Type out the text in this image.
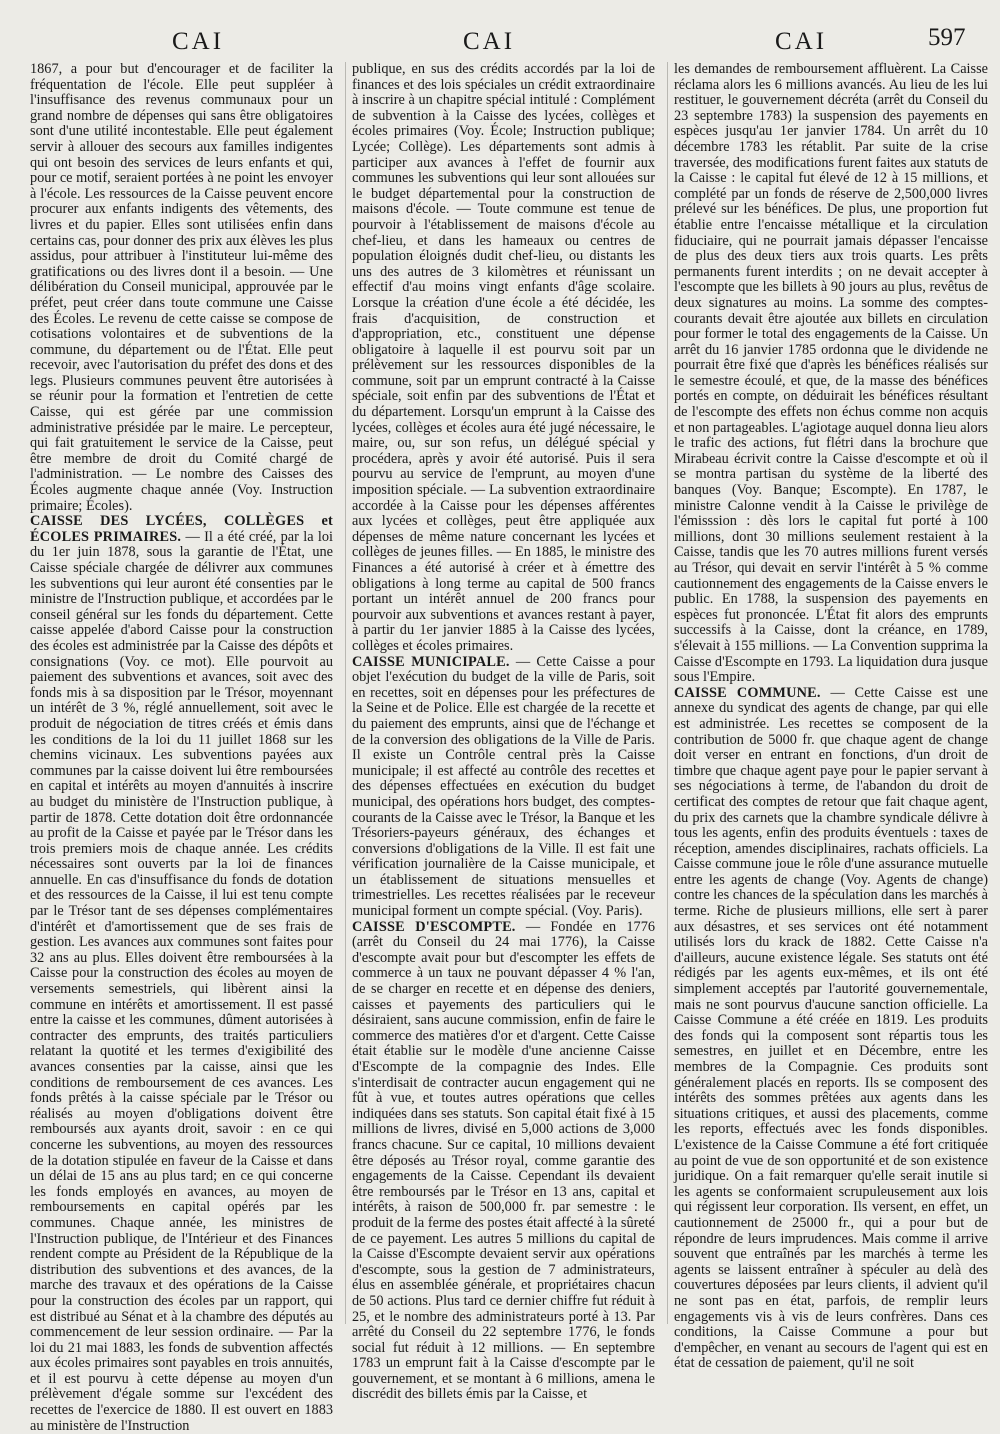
CAI	CAI	CAI	597

1867, a pour but d'encourager et de faciliter la fréquentation de l'école. Elle peut suppléer à l'insuffisance des revenus communaux pour un grand nombre de dépenses qui sans être obligatoires sont d'une utilité incontestable. Elle peut également servir à allouer des secours aux familles indigentes qui ont besoin des services de leurs enfants et qui, pour ce motif, seraient portées à ne point les envoyer à l'école. Les ressources de la Caisse peuvent encore procurer aux enfants indigents des vêtements, des livres et du papier. Elles sont utilisées enfin dans certains cas, pour donner des prix aux élèves les plus assidus, pour attribuer à l'instituteur lui-même des gratifications ou des livres dont il a besoin. — Une délibération du Conseil municipal, approuvée par le préfet, peut créer dans toute commune une Caisse des Écoles. Le revenu de cette caisse se compose de cotisations volontaires et de subventions de la commune, du département ou de l'État. Elle peut recevoir, avec l'autorisation du préfet des dons et des legs. Plusieurs communes peuvent être autorisées à se réunir pour la formation et l'entretien de cette Caisse, qui est gérée par une commission administrative présidée par le maire. Le percepteur, qui fait gratuitement le service de la Caisse, peut être membre de droit du Comité chargé de l'administration. — Le nombre des Caisses des Écoles augmente chaque année (Voy. Instruction primaire; Écoles).

CAISSE DES LYCÉES, COLLÈGES et ÉCOLES PRIMAIRES. — Il a été créé, par la loi du 1er juin 1878, sous la garantie de l'État, une Caisse spéciale chargée de délivrer aux communes les subventions qui leur auront été consenties par le ministre de l'Instruction publique, et accordées par le conseil général sur les fonds du département. Cette caisse appelée d'abord Caisse pour la construction des écoles est administrée par la Caisse des dépôts et consignations (Voy. ce mot). Elle pourvoit au paiement des subventions et avances, soit avec des fonds mis à sa disposition par le Trésor, moyennant un intérêt de 3 %, réglé annuellement, soit avec le produit de négociation de titres créés et émis dans les conditions de la loi du 11 juillet 1868 sur les chemins vicinaux. Les subventions payées aux communes par la caisse doivent lui être remboursées en capital et intérêts au moyen d'annuités à inscrire au budget du ministère de l'Instruction publique, à partir de 1878. Cette dotation doit être ordonnancée au profit de la Caisse et payée par le Trésor dans les trois premiers mois de chaque année. Les crédits nécessaires sont ouverts par la loi de finances annuelle. En cas d'insuffisance du fonds de dotation et des ressources de la Caisse, il lui est tenu compte par le Trésor tant de ses dépenses complémentaires d'intérêt et d'amortissement que de ses frais de gestion. Les avances aux communes sont faites pour 32 ans au plus. Elles doivent être remboursées à la Caisse pour la construction des écoles au moyen de versements semestriels, qui libèrent ainsi la commune en intérêts et amortissement. Il est passé entre la caisse et les communes, dûment autorisées à contracter des emprunts, des traités particuliers relatant la quotité et les termes d'exigibilité des avances consenties par la caisse, ainsi que les conditions de remboursement de ces avances. Les fonds prêtés à la caisse spéciale par le Trésor ou réalisés au moyen d'obligations doivent être remboursés aux ayants droit, savoir : en ce qui concerne les subventions, au moyen des ressources de la dotation stipulée en faveur de la Caisse et dans un délai de 15 ans au plus tard; en ce qui concerne les fonds employés en avances, au moyen de remboursements en capital opérés par les communes. Chaque année, les ministres de l'Instruction publique, de l'Intérieur et des Finances rendent compte au Président de la République de la distribution des subventions et des avances, de la marche des travaux et des opérations de la Caisse pour la construction des écoles par un rapport, qui est distribué au Sénat et à la chambre des députés au commencement de leur session ordinaire. — Par la loi du 21 mai 1883, les fonds de subvention affectés aux écoles primaires sont payables en trois annuités, et il est pourvu à cette dépense au moyen d'un prélèvement d'égale somme sur l'excédent des recettes de l'exercice de 1880. Il est ouvert en 1883 au ministère de l'Instruction

publique, en sus des crédits accordés par la loi de finances et des lois spéciales un crédit extraordinaire à inscrire à un chapitre spécial intitulé : Complément de subvention à la Caisse des lycées, collèges et écoles primaires (Voy. École; Instruction publique; Lycée; Collège). Les départements sont admis à participer aux avances à l'effet de fournir aux communes les subventions qui leur sont allouées sur le budget départemental pour la construction de maisons d'école. — Toute commune est tenue de pourvoir à l'établissement de maisons d'école au chef-lieu, et dans les hameaux ou centres de population éloignés dudit chef-lieu, ou distants les uns des autres de 3 kilomètres et réunissant un effectif d'au moins vingt enfants d'âge scolaire. Lorsque la création d'une école a été décidée, les frais d'acquisition, de construction et d'appropriation, etc., constituent une dépense obligatoire à laquelle il est pourvu soit par un prélèvement sur les ressources disponibles de la commune, soit par un emprunt contracté à la Caisse spéciale, soit enfin par des subventions de l'État et du département. Lorsqu'un emprunt à la Caisse des lycées, collèges et écoles aura été jugé nécessaire, le maire, ou, sur son refus, un délégué spécial y procédera, après y avoir été autorisé. Puis il sera pourvu au service de l'emprunt, au moyen d'une imposition spéciale. — La subvention extraordinaire accordée à la Caisse pour les dépenses afférentes aux lycées et collèges, peut être appliquée aux dépenses de même nature concernant les lycées et collèges de jeunes filles. — En 1885, le ministre des Finances a été autorisé à créer et à émettre des obligations à long terme au capital de 500 francs portant un intérêt annuel de 200 francs pour pourvoir aux subventions et avances restant à payer, à partir du 1er janvier 1885 à la Caisse des lycées, collèges et écoles primaires.

CAISSE MUNICIPALE. — Cette Caisse a pour objet l'exécution du budget de la ville de Paris, soit en recettes, soit en dépenses pour les préfectures de la Seine et de Police. Elle est chargée de la recette et du paiement des emprunts, ainsi que de l'échange et de la conversion des obligations de la Ville de Paris. Il existe un Contrôle central près la Caisse municipale; il est affecté au contrôle des recettes et des dépenses effectuées en exécution du budget municipal, des opérations hors budget, des comptes-courants de la Caisse avec le Trésor, la Banque et les Trésoriers-payeurs généraux, des échanges et conversions d'obligations de la Ville. Il est fait une vérification journalière de la Caisse municipale, et un établissement de situations mensuelles et trimestrielles. Les recettes réalisées par le receveur municipal forment un compte spécial. (Voy. Paris).

CAISSE D'ESCOMPTE. — Fondée en 1776 (arrêt du Conseil du 24 mai 1776), la Caisse d'escompte avait pour but d'escompter les effets de commerce à un taux ne pouvant dépasser 4 % l'an, de se charger en recette et en dépense des deniers, caisses et payements des particuliers qui le désiraient, sans aucune commission, enfin de faire le commerce des matières d'or et d'argent. Cette Caisse était établie sur le modèle d'une ancienne Caisse d'Escompte de la compagnie des Indes. Elle s'interdisait de contracter aucun engagement qui ne fût à vue, et toutes autres opérations que celles indiquées dans ses statuts. Son capital était fixé à 15 millions de livres, divisé en 5,000 actions de 3,000 francs chacune. Sur ce capital, 10 millions devaient être déposés au Trésor royal, comme garantie des engagements de la Caisse. Cependant ils devaient être remboursés par le Trésor en 13 ans, capital et intérêts, à raison de 500,000 fr. par semestre : le produit de la ferme des postes était affecté à la sûreté de ce payement. Les autres 5 millions du capital de la Caisse d'Escompte devaient servir aux opérations d'escompte, sous la gestion de 7 administrateurs, élus en assemblée générale, et propriétaires chacun de 50 actions. Plus tard ce dernier chiffre fut réduit à 25, et le nombre des administrateurs porté à 13. Par arrêté du Conseil du 22 septembre 1776, le fonds social fut réduit à 12 millions. — En septembre 1783 un emprunt fait à la Caisse d'escompte par le gouvernement, et se montant à 6 millions, amena le discrédit des billets émis par la Caisse, et

les demandes de remboursement affluèrent. La Caisse réclama alors les 6 millions avancés. Au lieu de les lui restituer, le gouvernement décréta (arrêt du Conseil du 23 septembre 1783) la suspension des payements en espèces jusqu'au 1er janvier 1784. Un arrêt du 10 décembre 1783 les rétablit. Par suite de la crise traversée, des modifications furent faites aux statuts de la Caisse : le capital fut élevé de 12 à 15 millions, et complété par un fonds de réserve de 2,500,000 livres prélevé sur les bénéfices. De plus, une proportion fut établie entre l'encaisse métallique et la circulation fiduciaire, qui ne pourrait jamais dépasser l'encaisse de plus des deux tiers aux trois quarts. Les prêts permanents furent interdits ; on ne devait accepter à l'escompte que les billets à 90 jours au plus, revêtus de deux signatures au moins. La somme des comptes-courants devait être ajoutée aux billets en circulation pour former le total des engagements de la Caisse. Un arrêt du 16 janvier 1785 ordonna que le dividende ne pourrait être fixé que d'après les bénéfices réalisés sur le semestre écoulé, et que, de la masse des bénéfices portés en compte, on déduirait les bénéfices résultant de l'escompte des effets non échus comme non acquis et non partageables. L'agiotage auquel donna lieu alors le trafic des actions, fut flétri dans la brochure que Mirabeau écrivit contre la Caisse d'escompte et où il se montra partisan du système de la liberté des banques (Voy. Banque; Escompte). En 1787, le ministre Calonne vendit à la Caisse le privilège de l'émisssion : dès lors le capital fut porté à 100 millions, dont 30 millions seulement restaient à la Caisse, tandis que les 70 autres millions furent versés au Trésor, qui devait en servir l'intérêt à 5 % comme cautionnement des engagements de la Caisse envers le public. En 1788, la suspension des payements en espèces fut prononcée. L'État fit alors des emprunts successifs à la Caisse, dont la créance, en 1789, s'élevait à 155 millions. — La Convention supprima la Caisse d'Escompte en 1793. La liquidation dura jusque sous l'Empire.

CAISSE COMMUNE. — Cette Caisse est une annexe du syndicat des agents de change, par qui elle est administrée. Les recettes se composent de la contribution de 5000 fr. que chaque agent de change doit verser en entrant en fonctions, d'un droit de timbre que chaque agent paye pour le papier servant à ses négociations à terme, de l'abandon du droit de certificat des comptes de retour que fait chaque agent, du prix des carnets que la chambre syndicale délivre à tous les agents, enfin des produits éventuels : taxes de réception, amendes disciplinaires, rachats officiels. La Caisse commune joue le rôle d'une assurance mutuelle entre les agents de change (Voy. Agents de change) contre les chances de la spéculation dans les marchés à terme. Riche de plusieurs millions, elle sert à parer aux désastres, et ses services ont été notamment utilisés lors du krack de 1882. Cette Caisse n'a d'ailleurs, aucune existence légale. Ses statuts ont été rédigés par les agents eux-mêmes, et ils ont été simplement acceptés par l'autorité gouvernementale, mais ne sont pourvus d'aucune sanction officielle. La Caisse Commune a été créée en 1819. Les produits des fonds qui la composent sont répartis tous les semestres, en juillet et en Décembre, entre les membres de la Compagnie. Ces produits sont généralement placés en reports. Ils se composent des intérêts des sommes prêtées aux agents dans les situations critiques, et aussi des placements, comme les reports, effectués avec les fonds disponibles. L'existence de la Caisse Commune a été fort critiquée au point de vue de son opportunité et de son existence juridique. On a fait remarquer qu'elle serait inutile si les agents se conformaient scrupuleusement aux lois qui régissent leur corporation. Ils versent, en effet, un cautionnement de 25000 fr., qui a pour but de répondre de leurs imprudences. Mais comme il arrive souvent que entraînés par les marchés à terme les agents se laissent entraîner à spéculer au delà des couvertures déposées par leurs clients, il advient qu'il ne sont pas en état, parfois, de remplir leurs engagements vis à vis de leurs confrères. Dans ces conditions, la Caisse Commune a pour but d'empêcher, en venant au secours de l'agent qui est en état de cessation de paiement, qu'il ne soit
